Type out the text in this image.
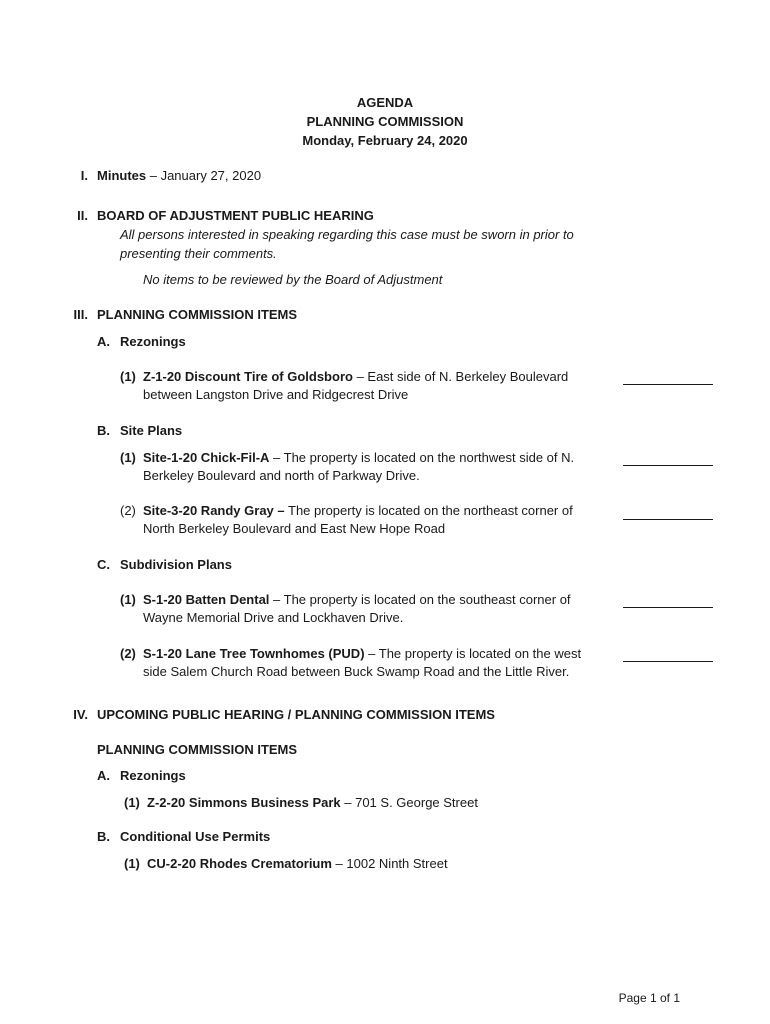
AGENDA
PLANNING COMMISSION
Monday, February 24, 2020
I. Minutes – January 27, 2020
II. BOARD OF ADJUSTMENT PUBLIC HEARING
All persons interested in speaking regarding this case must be sworn in prior to
presenting their comments.
No items to be reviewed by the Board of Adjustment
III. PLANNING COMMISSION ITEMS
A. Rezonings
(1) Z-1-20 Discount Tire of Goldsboro – East side of N. Berkeley Boulevard
between Langston Drive and Ridgecrest Drive
B. Site Plans
(1) Site-1-20 Chick-Fil-A – The property is located on the northwest side of N.
Berkeley Boulevard and north of Parkway Drive.
(2) Site-3-20 Randy Gray – The property is located on the northeast corner of
North Berkeley Boulevard and East New Hope Road
C. Subdivision Plans
(1) S-1-20 Batten Dental – The property is located on the southeast corner of
Wayne Memorial Drive and Lockhaven Drive.
(2) S-1-20 Lane Tree Townhomes (PUD) – The property is located on the west
side Salem Church Road between Buck Swamp Road and the Little River.
IV. UPCOMING PUBLIC HEARING / PLANNING COMMISSION ITEMS
PLANNING COMMISSION ITEMS
A. Rezonings
(1) Z-2-20 Simmons Business Park – 701 S. George Street
B. Conditional Use Permits
(1) CU-2-20 Rhodes Crematorium – 1002 Ninth Street
Page 1 of 1
